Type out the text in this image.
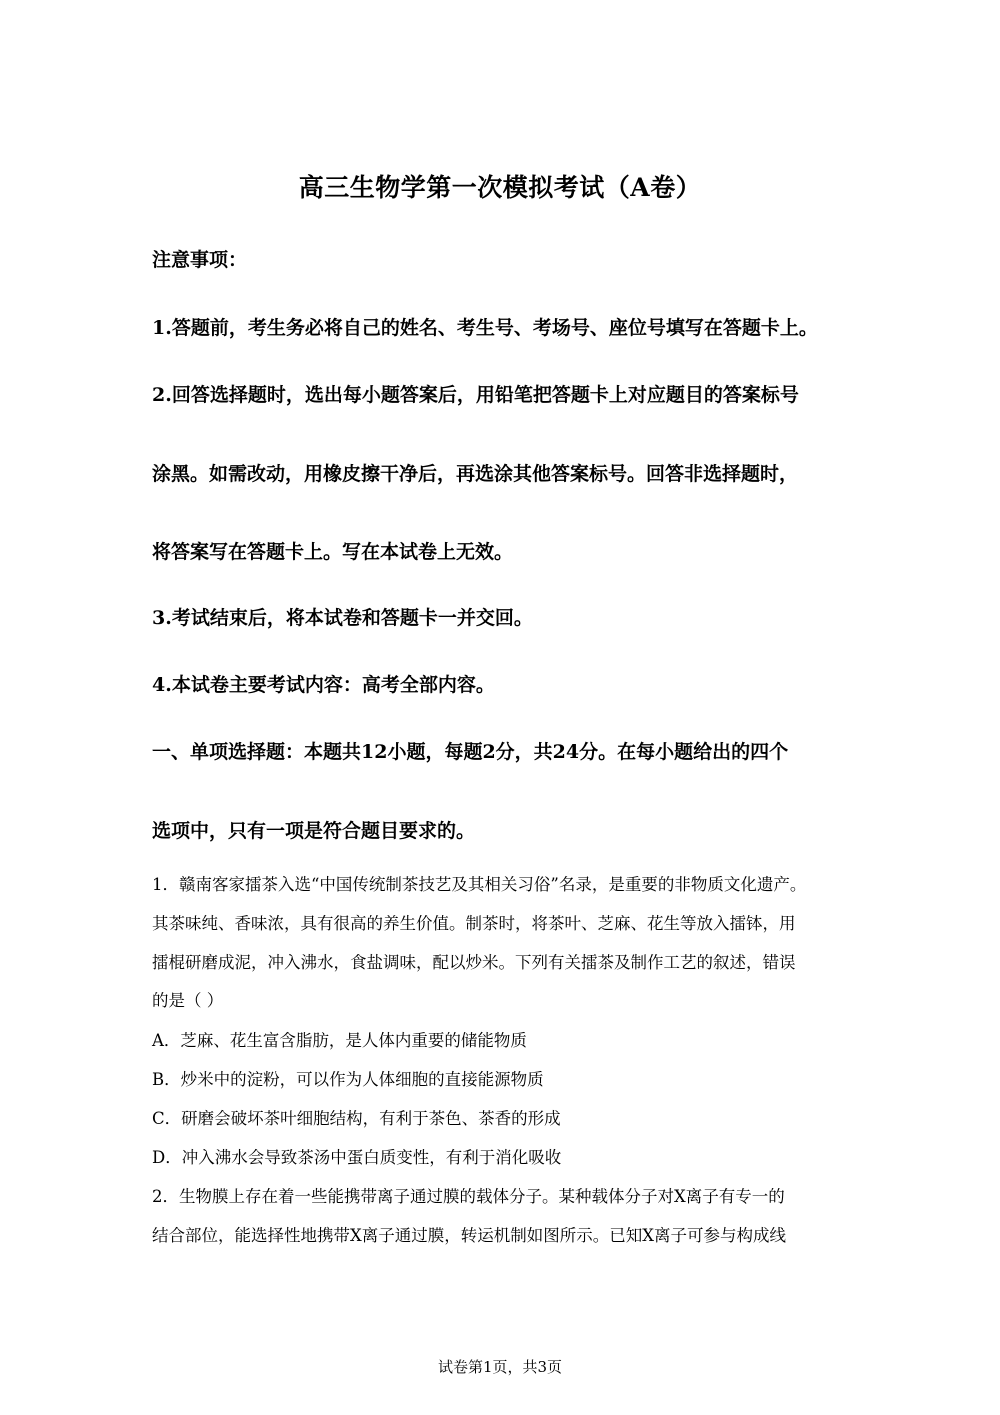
高三生物学第一次模拟考试（A卷）
注意事项：
1.答题前，考生务必将自己的姓名、考生号、考场号、座位号填写在答题卡上。
2.回答选择题时，选出每小题答案后，用铅笔把答题卡上对应题目的答案标号
涂黑。如需改动，用橡皮擦干净后，再选涂其他答案标号。回答非选择题时，
将答案写在答题卡上。写在本试卷上无效。
3.考试结束后，将本试卷和答题卡一并交回。
4.本试卷主要考试内容：高考全部内容。
一、单项选择题：本题共12小题，每题2分，共24分。在每小题给出的四个
选项中，只有一项是符合题目要求的。
1．赣南客家擂茶入选“中国传统制茶技艺及其相关习俗”名录，是重要的非物质文化遗产。
其茶味纯、香味浓，具有很高的养生价值。制茶时，将茶叶、芝麻、花生等放入擂钵，用
擂棍研磨成泥，冲入沸水，食盐调味，配以炒米。下列有关擂茶及制作工艺的叙述，错误
的是（ ）
A．芝麻、花生富含脂肪，是人体内重要的储能物质
B．炒米中的淀粉，可以作为人体细胞的直接能源物质
C．研磨会破坏茶叶细胞结构，有利于茶色、茶香的形成
D．冲入沸水会导致茶汤中蛋白质变性，有利于消化吸收
2．生物膜上存在着一些能携带离子通过膜的载体分子。某种载体分子对X离子有专一的
结合部位，能选择性地携带X离子通过膜，转运机制如图所示。已知X离子可参与构成线
试卷第1页，共3页
